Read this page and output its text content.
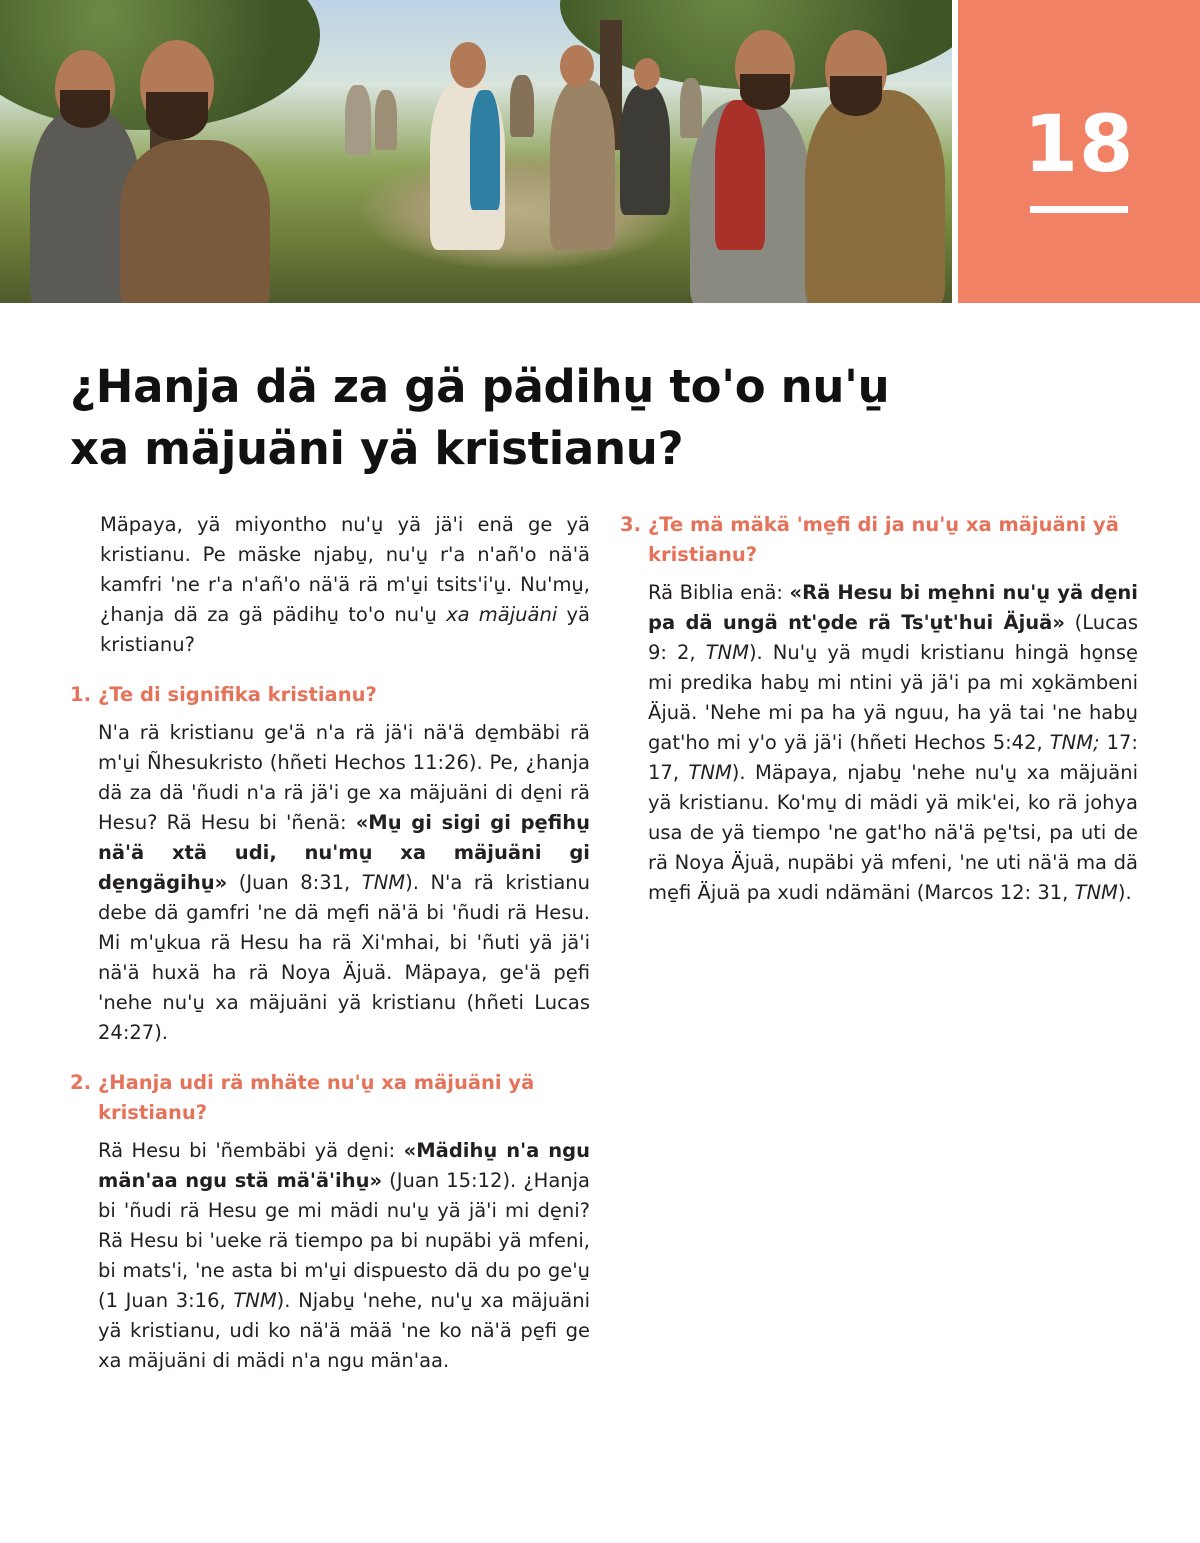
18
¿Hanja dä za gä pädihu̱ to'o nu'u̱
xa mäjuäni yä kristianu?

Mäpaya, yä miyontho nu'u̱ yä jä'i enä ge yä kristianu. Pe mäske njabu̱, nu'u̱ r'a n'añ'o nä'ä kamfri 'ne r'a n'añ'o nä'ä rä m'u̱i tsits'i'u̱. Nu'mu̱, ¿hanja dä za gä pädihu̱ to'o nu'u̱ xa mäjuäni yä kristianu?

1. ¿Te di signifika kristianu?

N'a rä kristianu ge'ä n'a rä jä'i nä'ä de̱mbäbi rä m'u̱i Ñhesukristo (hñeti Hechos 11:26). Pe, ¿hanja dä za dä 'ñudi n'a rä jä'i ge xa mäjuäni di de̱ni rä Hesu? Rä Hesu bi 'ñenä: «Mu̱ gi sigi gi pe̱fihu̱ nä'ä xtä udi, nu'mu̱ xa mäjuäni gi de̱ngägihu̱» (Juan 8:31, TNM). N'a rä kristianu debe dä gamfri 'ne dä me̱fi nä'ä bi 'ñudi rä Hesu. Mi m'u̱kua rä Hesu ha rä Xi'mhai, bi 'ñuti yä jä'i nä'ä huxä ha rä Noya Äjuä. Mäpaya, ge'ä pe̱fi 'nehe nu'u̱ xa mäjuäni yä kristianu (hñeti Lucas 24:27).

2. ¿Hanja udi rä mhäte nu'u̱ xa mäjuäni yä kristianu?

Rä Hesu bi 'ñembäbi yä de̱ni: «Mädihu̱ n'a ngu män'aa ngu stä mä'ä'ihu̱» (Juan 15:12). ¿Hanja bi 'ñudi rä Hesu ge mi mädi nu'u̱ yä jä'i mi de̱ni? Rä Hesu bi 'ueke rä tiempo pa bi nupäbi yä mfeni, bi mats'i, 'ne asta bi m'u̱i dispuesto dä du po ge'u̱ (1 Juan 3:16, TNM). Njabu̱ 'nehe, nu'u̱ xa mäjuäni yä kristianu, udi ko nä'ä mää 'ne ko nä'ä pe̱fi ge xa mäjuäni di mädi n'a ngu män'aa.

3. ¿Te mä mäkä 'me̱fi di ja nu'u̱ xa mäjuäni yä kristianu?

Rä Biblia enä: «Rä Hesu bi me̱hni nu'u̱ yä de̱ni pa dä ungä nt'o̱de rä Ts'u̱t'hui Äjuä» (Lucas 9: 2, TNM). Nu'u̱ yä mu̱di kristianu hingä ho̱nse̱ mi predika habu̱ mi ntini yä jä'i pa mi xo̱kämbeni Äjuä. 'Nehe mi pa ha yä nguu, ha yä tai 'ne habu̱ gat'ho mi y'o yä jä'i (hñeti Hechos 5:42, TNM; 17: 17, TNM). Mäpaya, njabu̱ 'nehe nu'u̱ xa mäjuäni yä kristianu. Ko'mu̱ di mädi yä mik'ei, ko rä johya usa de yä tiempo 'ne gat'ho nä'ä pe̱'tsi, pa uti de rä Noya Äjuä, nupäbi yä mfeni, 'ne uti nä'ä ma dä me̱fi Äjuä pa xudi ndämäni (Marcos 12: 31, TNM).
